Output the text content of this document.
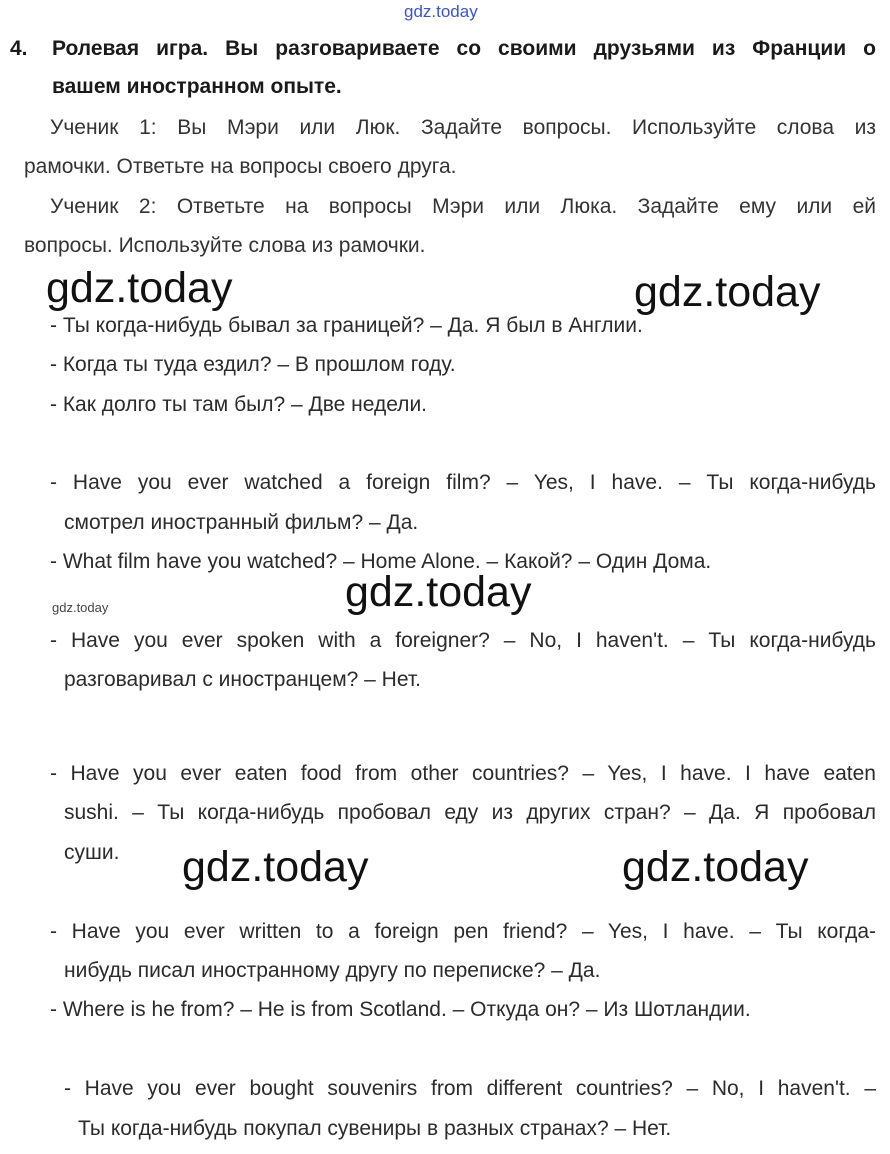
gdz.today
gdz.today	gdz.today
gdz.today
gdz.today
gdz.today	gdz.today
4. Ролевая игра. Вы разговариваете со своими друзьями из Франции о
вашем иностранном опыте.
Ученик 1: Вы Мэри или Люк. Задайте вопросы. Используйте слова из
рамочки. Ответьте на вопросы своего друга.
Ученик 2: Ответьте на вопросы Мэри или Люка. Задайте ему или ей
вопросы. Используйте слова из рамочки.
- Ты когда-нибудь бывал за границей? – Да. Я был в Англии.
- Когда ты туда ездил? – В прошлом году.
- Как долго ты там был? – Две недели.
- Have you ever watched a foreign film? – Yes, I have. – Ты когда-нибудь
смотрел иностранный фильм? – Да.
- What film have you watched? – Home Alone. – Какой? – Один Дома.
- Have you ever spoken with a foreigner? – No, I haven't. – Ты когда-нибудь
разговаривал с иностранцем? – Нет.
- Have you ever eaten food from other countries? – Yes, I have. I have eaten
sushi. – Ты когда-нибудь пробовал еду из других стран? – Да. Я пробовал
суши.
- Have you ever written to a foreign pen friend? – Yes, I have. – Ты когда-
нибудь писал иностранному другу по переписке? – Да.
- Where is he from? – He is from Scotland. – Откуда он? – Из Шотландии.
- Have you ever bought souvenirs from different countries? – No, I haven't. –
Ты когда-нибудь покупал сувениры в разных странах? – Нет.
